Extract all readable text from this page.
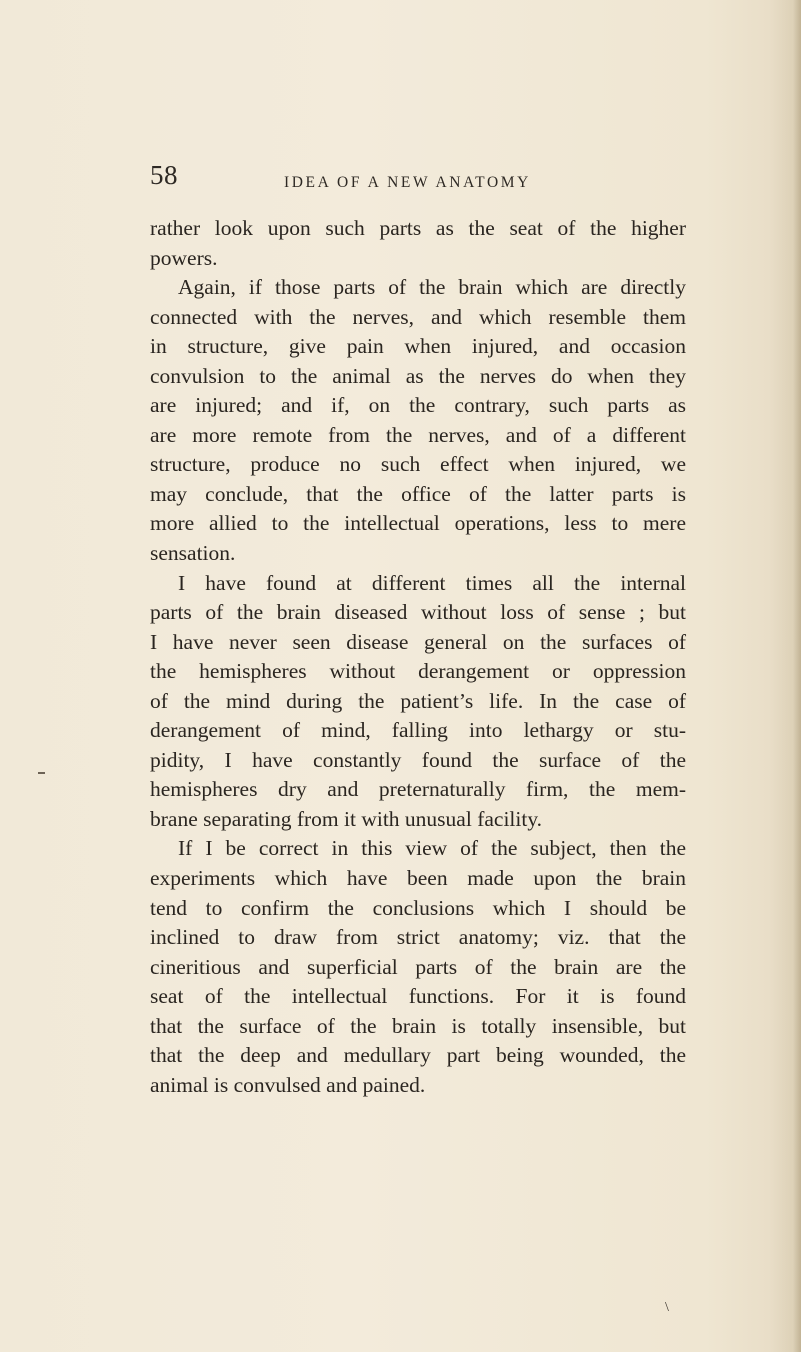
58	IDEA OF A NEW ANATOMY
rather look upon such parts as the seat of the higher
powers.
Again, if those parts of the brain which are directly
connected with the nerves, and which resemble them
in structure, give pain when injured, and occasion
convulsion to the animal as the nerves do when they
are injured; and if, on the contrary, such parts as
are more remote from the nerves, and of a different
structure, produce no such effect when injured, we
may conclude, that the office of the latter parts is
more allied to the intellectual operations, less to mere
sensation.
I have found at different times all the internal
parts of the brain diseased without loss of sense ; but
I have never seen disease general on the surfaces of
the hemispheres without derangement or oppression
of the mind during the patient’s life. In the case of
derangement of mind, falling into lethargy or stu-
pidity, I have constantly found the surface of the
hemispheres dry and preternaturally firm, the mem-
brane separating from it with unusual facility.
If I be correct in this view of the subject, then the
experiments which have been made upon the brain
tend to confirm the conclusions which I should be
inclined to draw from strict anatomy; viz. that the
cineritious and superficial parts of the brain are the
seat of the intellectual functions. For it is found
that the surface of the brain is totally insensible, but
that the deep and medullary part being wounded, the
animal is convulsed and pained.
\
